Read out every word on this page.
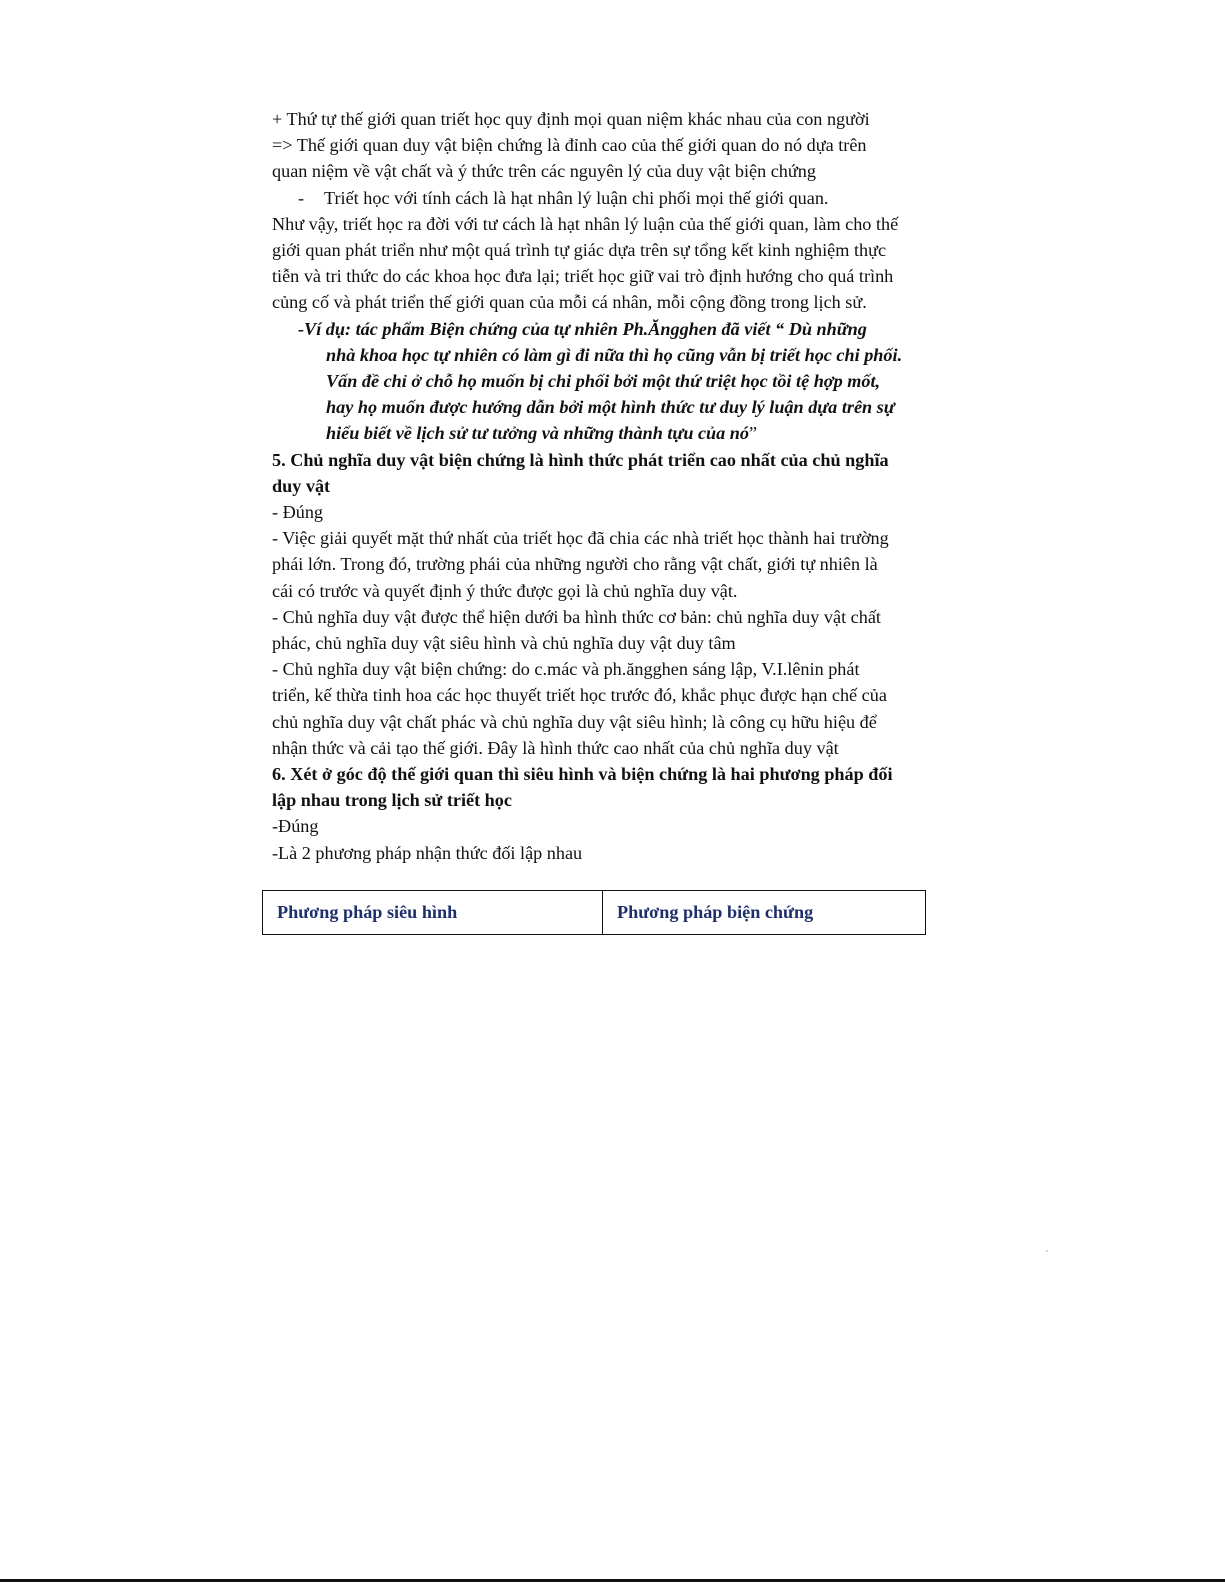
+ Thứ tự thế giới quan triết học quy định mọi quan niệm khác nhau của con người
=> Thế giới quan duy vật biện chứng là đỉnh cao của thế giới quan do nó dựa trên
quan niệm về vật chất và ý thức trên các nguyên lý của duy vật biện chứng
- Triết học với tính cách là hạt nhân lý luận chi phối mọi thế giới quan.
Như vậy, triết học ra đời với tư cách là hạt nhân lý luận của thế giới quan, làm cho thế
giới quan phát triển như một quá trình tự giác dựa trên sự tổng kết kinh nghiệm thực
tiễn và tri thức do các khoa học đưa lại; triết học giữ vai trò định hướng cho quá trình
củng cố và phát triển thế giới quan của mỗi cá nhân, mỗi cộng đồng trong lịch sử.
-Ví dụ: tác phẩm Biện chứng của tự nhiên Ph.Ăngghen đã viết “ Dù những
nhà khoa học tự nhiên có làm gì đi nữa thì họ cũng vẫn bị triết học chi phối.
Vấn đề chỉ ở chỗ họ muốn bị chi phối bởi một thứ triệt học tồi tệ hợp mốt,
hay họ muốn được hướng dẫn bởi một hình thức tư duy lý luận dựa trên sự
hiểu biết về lịch sử tư tưởng và những thành tựu của nó”
5. Chủ nghĩa duy vật biện chứng là hình thức phát triển cao nhất của chủ nghĩa
duy vật
- Đúng
- Việc giải quyết mặt thứ nhất của triết học đã chia các nhà triết học thành hai trường
phái lớn. Trong đó, trường phái của những người cho rằng vật chất, giới tự nhiên là
cái có trước và quyết định ý thức được gọi là chủ nghĩa duy vật.
- Chủ nghĩa duy vật được thể hiện dưới ba hình thức cơ bản: chủ nghĩa duy vật chất
phác, chủ nghĩa duy vật siêu hình và chủ nghĩa duy vật duy tâm
- Chủ nghĩa duy vật biện chứng: do c.mác và ph.ăngghen sáng lập, V.I.lênin phát
triển, kế thừa tinh hoa các học thuyết triết học trước đó, khắc phục được hạn chế của
chủ nghĩa duy vật chất phác và chủ nghĩa duy vật siêu hình; là công cụ hữu hiệu để
nhận thức và cải tạo thế giới. Đây là hình thức cao nhất của chủ nghĩa duy vật
6. Xét ở góc độ thế giới quan thì siêu hình và biện chứng là hai phương pháp đối
lập nhau trong lịch sử triết học
-Đúng
-Là 2 phương pháp nhận thức đối lập nhau
Phương pháp siêu hình	Phương pháp biện chứng
